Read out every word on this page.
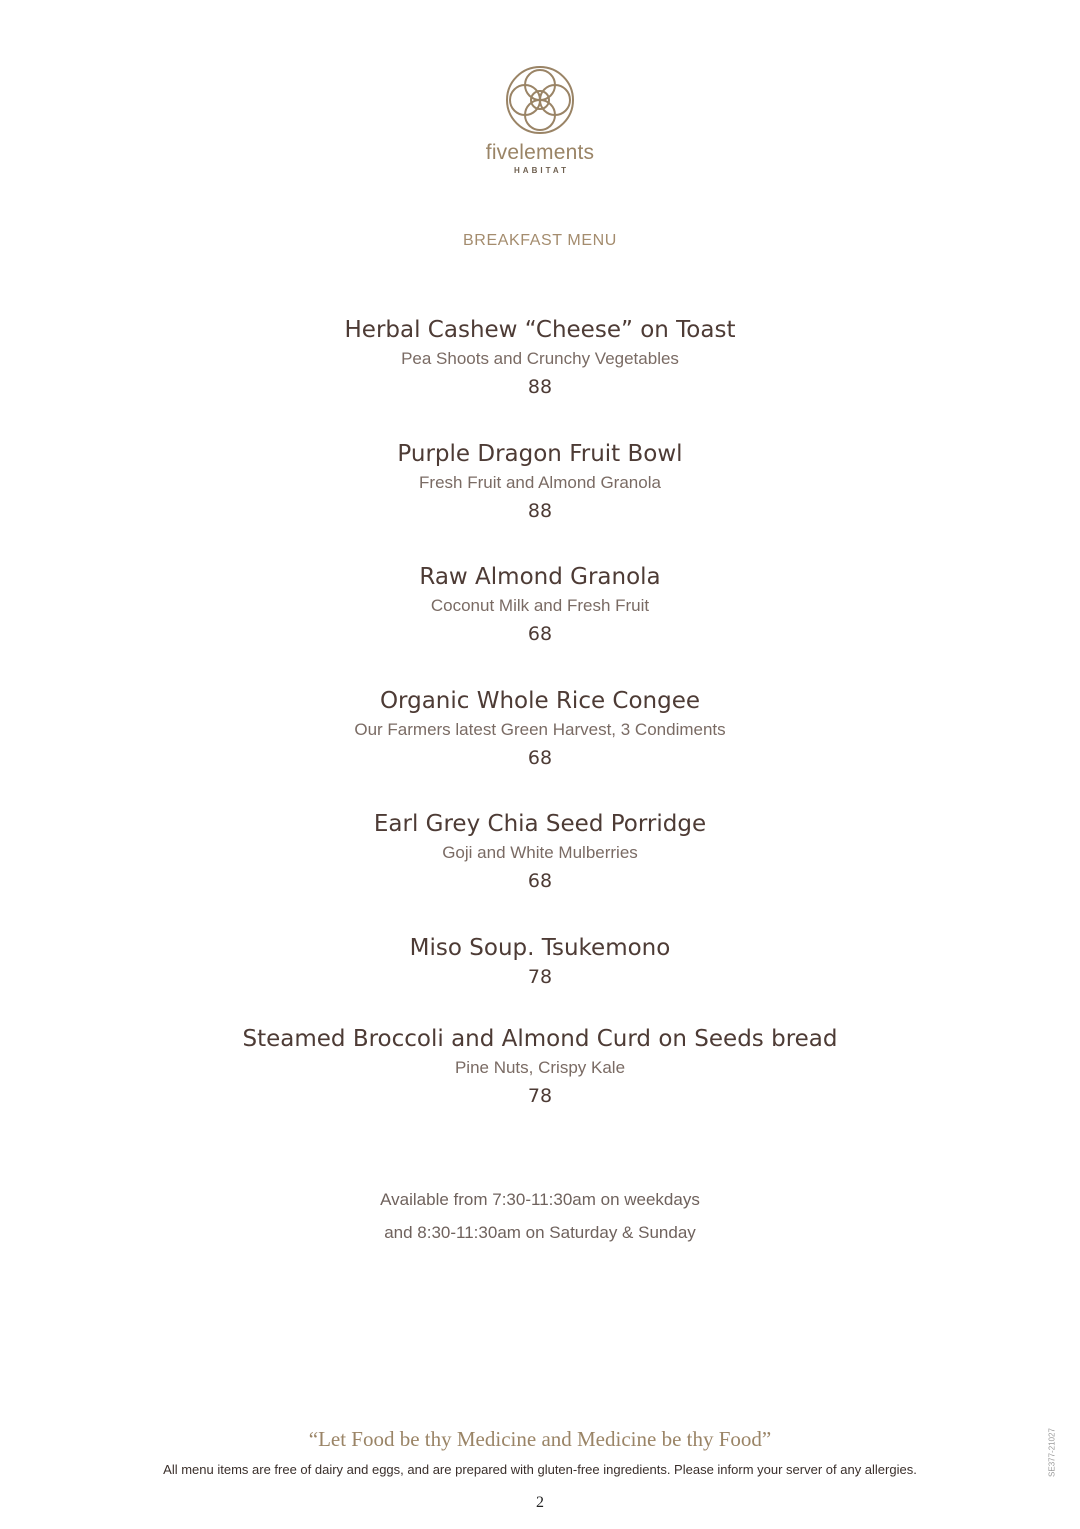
fivelements
HABITAT
BREAKFAST MENU
Herbal Cashew “Cheese” on Toast
Pea Shoots and Crunchy Vegetables
88
Purple Dragon Fruit Bowl
Fresh Fruit and Almond Granola
88
Raw Almond Granola
Coconut Milk and Fresh Fruit
68
Organic Whole Rice Congee
Our Farmers latest Green Harvest, 3 Condiments
68
Earl Grey Chia Seed Porridge
Goji and White Mulberries
68
Miso Soup. Tsukemono
78
Steamed Broccoli and Almond Curd on Seeds bread
Pine Nuts, Crispy Kale
78
Available from 7:30-11:30am on weekdays
and 8:30-11:30am on Saturday & Sunday
“Let Food be thy Medicine and Medicine be thy Food”
All menu items are free of dairy and eggs, and are prepared with gluten-free ingredients. Please inform your server of any allergies.
2
SE377-21027
